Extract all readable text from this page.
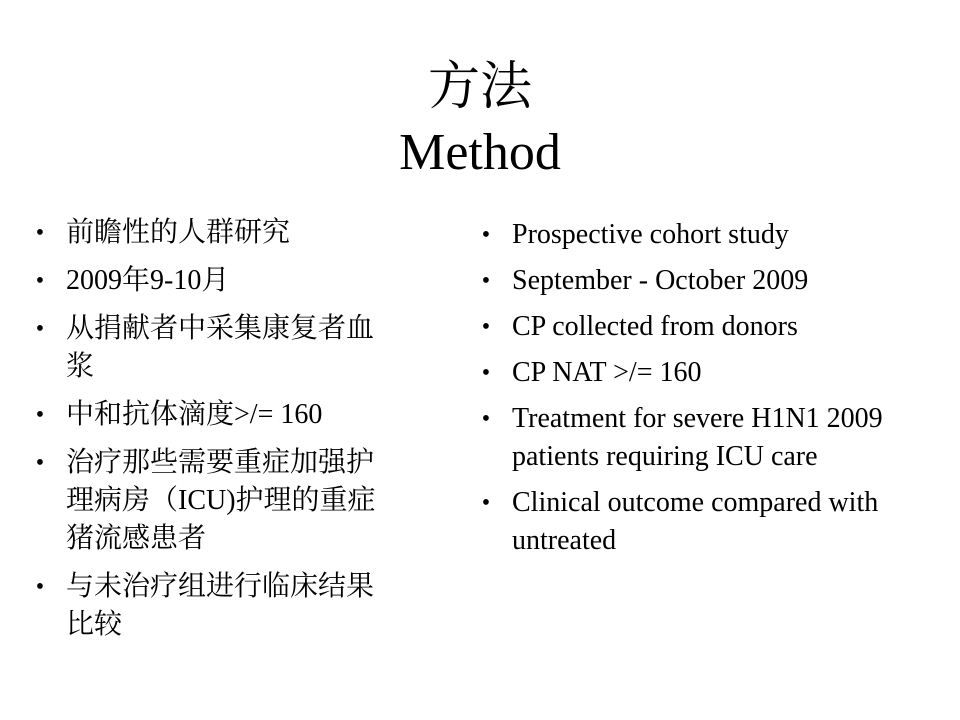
方法
Method
• 前瞻性的人群研究
• 2009年9-10月
• 从捐献者中采集康复者血浆
• 中和抗体滴度>/= 160
• 治疗那些需要重症加强护理病房（ICU)护理的重症猪流感患者
• 与未治疗组进行临床结果比较
• Prospective cohort study
• September - October 2009
• CP collected from donors
• CP NAT >/= 160
• Treatment for severe H1N1 2009 patients requiring ICU care
• Clinical outcome compared with untreated
